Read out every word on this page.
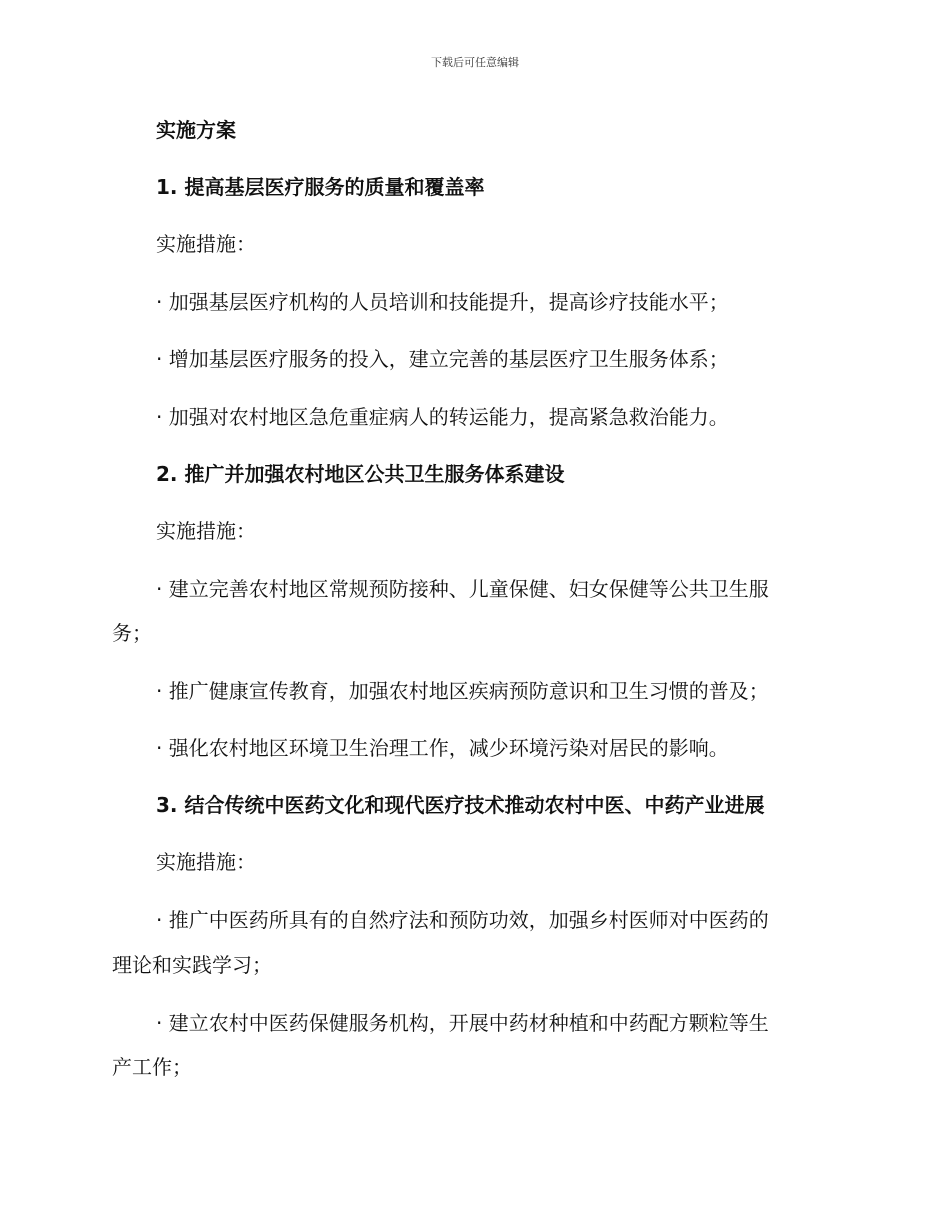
下载后可任意编辑
实施方案
1. 提高基层医疗服务的质量和覆盖率
实施措施：
· 加强基层医疗机构的人员培训和技能提升，提高诊疗技能水平；
· 增加基层医疗服务的投入，建立完善的基层医疗卫生服务体系；
· 加强对农村地区急危重症病人的转运能力，提高紧急救治能力。
2. 推广并加强农村地区公共卫生服务体系建设
实施措施：
· 建立完善农村地区常规预防接种、儿童保健、妇女保健等公共卫生服
务；
· 推广健康宣传教育，加强农村地区疾病预防意识和卫生习惯的普及；
· 强化农村地区环境卫生治理工作，减少环境污染对居民的影响。
3. 结合传统中医药文化和现代医疗技术推动农村中医、中药产业进展
实施措施：
· 推广中医药所具有的自然疗法和预防功效，加强乡村医师对中医药的
理论和实践学习；
· 建立农村中医药保健服务机构，开展中药材种植和中药配方颗粒等生
产工作；
